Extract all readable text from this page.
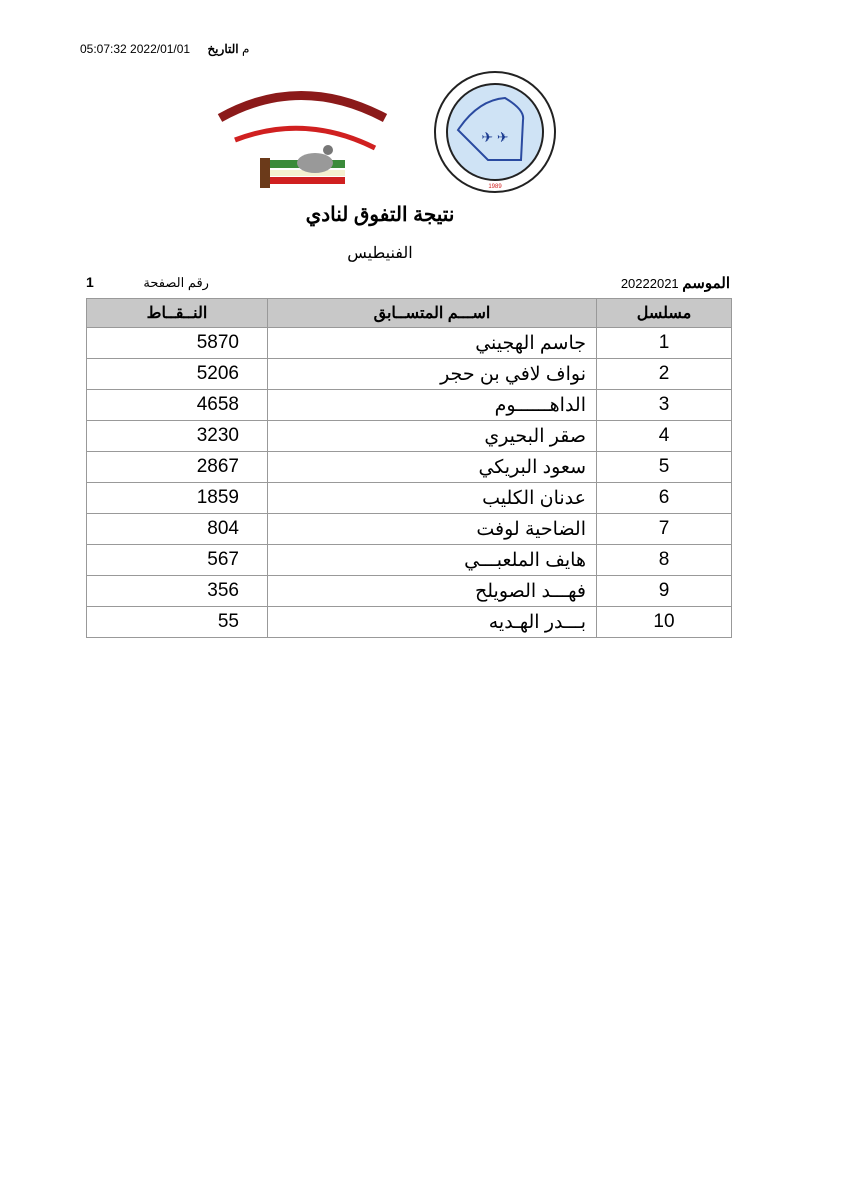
05:07:32 2022/01/01 م التاريخ
✈ ✈
1989
نتيجة التفوق لنادي
الفنيطيس
الموسم 20222021
1	رقم الصفحة
مسلسل	اســـم المتســابق	النــقــاط
1	جاسم الهجيني	5870
2	نواف لافي بن حجر	5206
3	الداهــــــوم	4658
4	صقر البحيري	3230
5	سعود البريكي	2867
6	عدنان الكليب	1859
7	الضاحية لوفت	804
8	هايف الملعبـــي	567
9	فهـــد الصويلح	356
10	بـــدر الهـديه	55
